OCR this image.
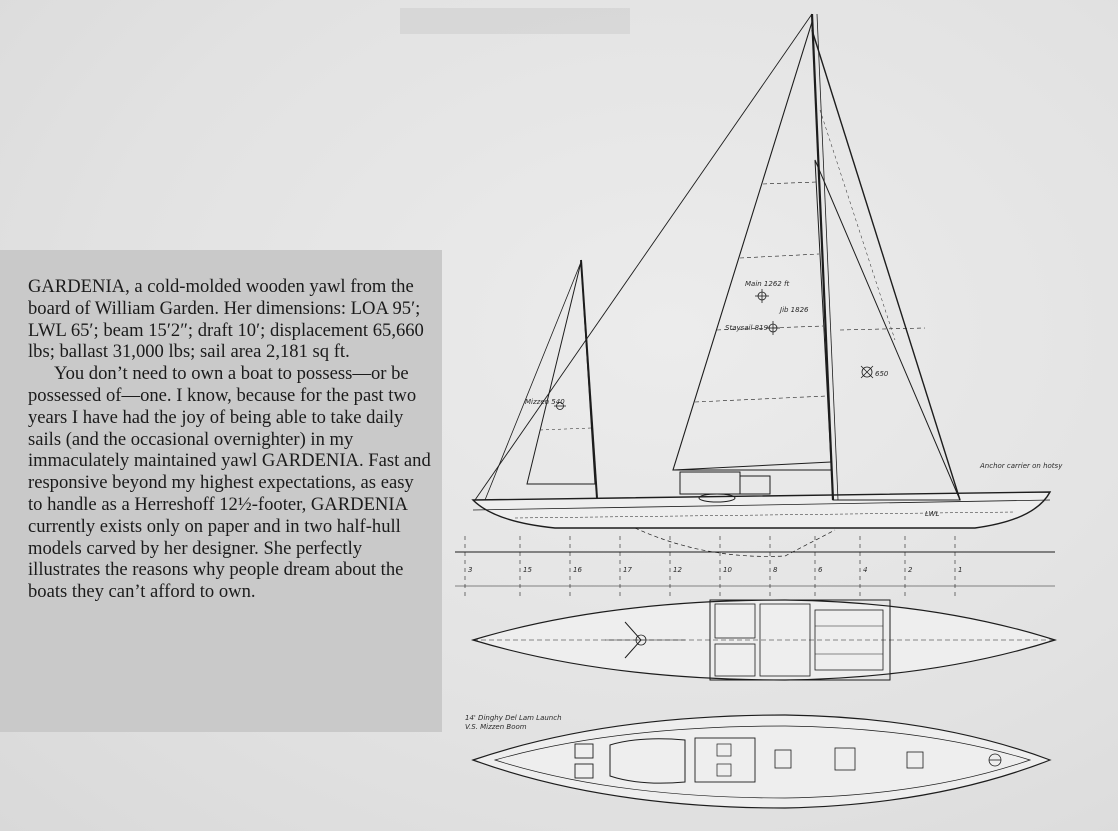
GARDENIA, a cold-molded wooden yawl from the board of William Garden. Her dimensions: LOA 95′; LWL 65′; beam 15′2″; draft 10′; displacement 65,660 lbs; ballast 31,000 lbs; sail area 2,181 sq ft.

You don’t need to own a boat to possess—or be possessed of—one. I know, because for the past two years I have had the joy of being able to take daily sails (and the occasional overnighter) in my immaculately maintained yawl GARDENIA. Fast and responsive beyond my highest expectations, as easy to handle as a Herreshoff 12½-footer, GARDENIA currently exists only on paper and in two half-hull models carved by her designer. She perfectly illustrates the reasons why people dream about the boats they can’t afford to own.

Main 1262 ft
Jib 1826
650
Staysail 819
Mizzen 540
Anchor carrier on hotsy
LWL
3	15	16	17	12	10	8	6	4	2	1
14' Dinghy Del Lam Launch
V.S. Mizzen Boom
